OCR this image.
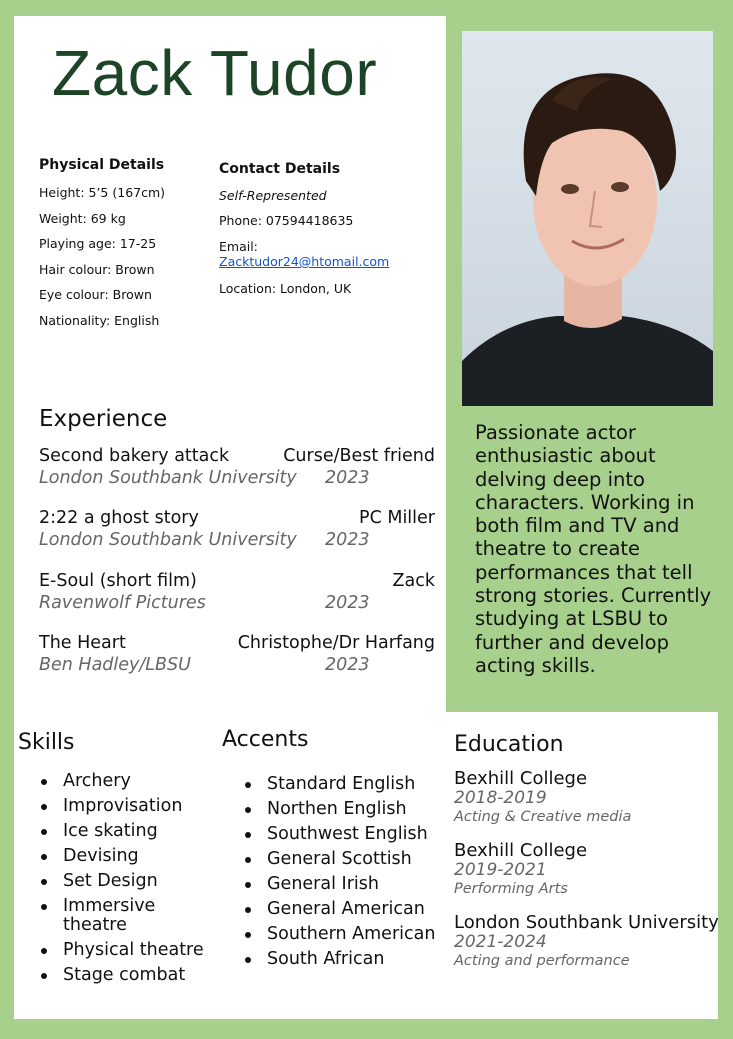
Zack Tudor
Physical Details
Height: 5’5 (167cm)
Weight: 69 kg
Playing age: 17-25
Hair colour: Brown
Eye colour: Brown
Nationality: English
Contact Details
Self-Represented
Phone: 07594418635
Email:
Zacktudor24@htomail.com
Location: London, UK
Experience
Second bakery attack	Curse/Best friend
London Southbank University	2023
2:22 a ghost story	PC Miller
London Southbank University	2023
E-Soul (short film)	Zack
Ravenwolf Pictures	2023
The Heart	Christophe/Dr Harfang
Ben Hadley/LBSU	2023
Passionate actor enthusiastic about delving deep into characters. Working in both film and TV and theatre to create performances that tell strong stories. Currently studying at LSBU to further and develop acting skills.
Skills
Archery
Improvisation
Ice skating
Devising
Set Design
Immersive theatre
Physical theatre
Stage combat
Accents
Standard English
Northen English
Southwest English
General Scottish
General Irish
General American
Southern American
South African
Education
Bexhill College
2018-2019
Acting & Creative media
Bexhill College
2019-2021
Performing Arts
London Southbank University
2021-2024
Acting and performance
